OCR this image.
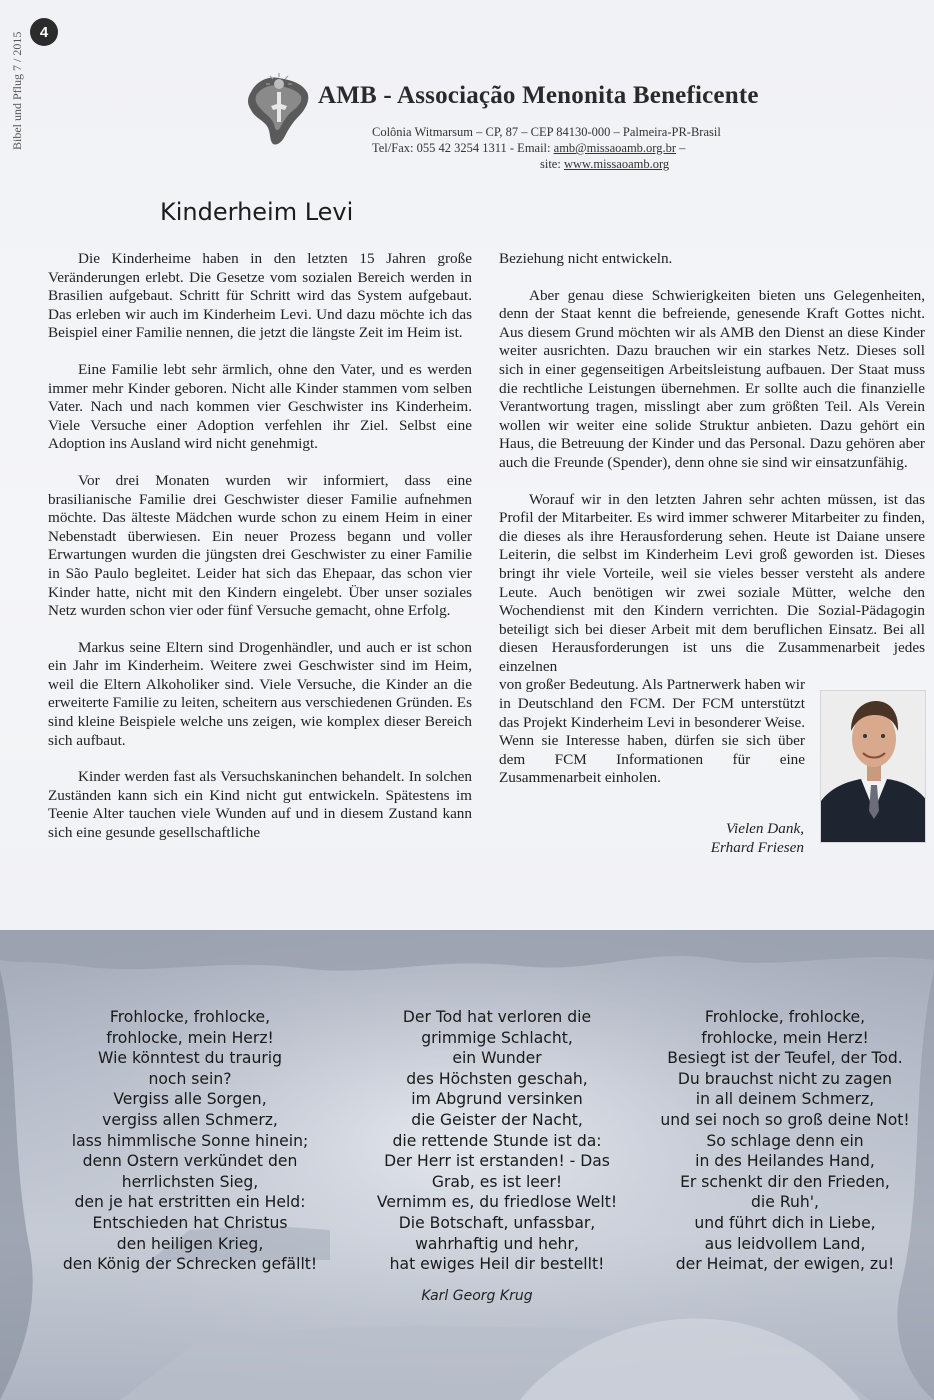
4
Bibel und Pflug 7 / 2015	AMB - Associação Menonita Beneficente
Colônia Witmarsum – CP, 87 – CEP 84130-000 – Palmeira-PR-Brasil
Tel/Fax: 055 42 3254 1311 - Email: amb@missaoamb.org.br –
site: www.missaoamb.org
Kinderheim Levi

Die Kinderheime haben in den letzten 15 Jahren große Veränderungen erlebt. Die Gesetze vom sozialen Bereich werden in Brasilien aufgebaut. Schritt für Schritt wird das System aufgebaut. Das erleben wir auch im Kinderheim Levi. Und dazu möchte ich das Beispiel einer Familie nennen, die jetzt die längste Zeit im Heim ist.

Eine Familie lebt sehr ärmlich, ohne den Vater, und es werden immer mehr Kinder geboren. Nicht alle Kinder stammen vom selben Vater. Nach und nach kommen vier Geschwister ins Kinderheim. Viele Versuche einer Adoption verfehlen ihr Ziel. Selbst eine Adoption ins Ausland wird nicht genehmigt.

Vor drei Monaten wurden wir informiert, dass eine brasilianische Familie drei Geschwister dieser Familie aufnehmen möchte. Das älteste Mädchen wurde schon zu einem Heim in einer Nebenstadt überwiesen. Ein neuer Prozess begann und voller Erwartungen wurden die jüngsten drei Geschwister zu einer Familie in São Paulo begleitet. Leider hat sich das Ehepaar, das schon vier Kinder hatte, nicht mit den Kindern eingelebt. Über unser soziales Netz wurden schon vier oder fünf Versuche gemacht, ohne Erfolg.

Markus seine Eltern sind Drogenhändler, und auch er ist schon ein Jahr im Kinderheim. Weitere zwei Geschwister sind im Heim, weil die Eltern Alkoholiker sind. Viele Versuche, die Kinder an die erweiterte Familie zu leiten, scheitern aus verschiedenen Gründen. Es sind kleine Beispiele welche uns zeigen, wie komplex dieser Bereich sich aufbaut.

Kinder werden fast als Versuchskaninchen behandelt. In solchen Zuständen kann sich ein Kind nicht gut entwickeln. Spätestens im Teenie Alter tauchen viele Wunden auf und in diesem Zustand kann sich eine gesunde gesellschaftliche

Beziehung nicht entwickeln.

Aber genau diese Schwierigkeiten bieten uns Gelegenheiten, denn der Staat kennt die befreiende, genesende Kraft Gottes nicht. Aus diesem Grund möchten wir als AMB den Dienst an diese Kinder weiter ausrichten. Dazu brauchen wir ein starkes Netz. Dieses soll sich in einer gegenseitigen Arbeitsleistung aufbauen. Der Staat muss die rechtliche Leistungen übernehmen. Er sollte auch die finanzielle Verantwortung tragen, misslingt aber zum größten Teil. Als Verein wollen wir weiter eine solide Struktur anbieten. Dazu gehört ein Haus, die Betreuung der Kinder und das Personal. Dazu gehören aber auch die Freunde (Spender), denn ohne sie sind wir einsatzunfähig.

Worauf wir in den letzten Jahren sehr achten müssen, ist das Profil der Mitarbeiter. Es wird immer schwerer Mitarbeiter zu finden, die dieses als ihre Herausforderung sehen. Heute ist Daiane unsere Leiterin, die selbst im Kinderheim Levi groß geworden ist. Dieses bringt ihr viele Vorteile, weil sie vieles besser versteht als andere Leute. Auch benötigen wir zwei soziale Mütter, welche den Wochendienst mit den Kindern verrichten. Die Sozial-Pädagogin beteiligt sich bei dieser Arbeit mit dem beruflichen Einsatz. Bei all diesen Herausforderungen ist uns die Zusammenarbeit jedes einzelnen

von großer Bedeutung. Als Partnerwerk haben wir in Deutschland den FCM. Der FCM unterstützt das Projekt Kinderheim Levi in besonderer Weise. Wenn sie Interesse haben, dürfen sie sich über dem FCM Informationen für eine Zusammenarbeit einholen.

Vielen Dank,
Erhard Friesen
Frohlocke, frohlocke,
frohlocke, mein Herz!
Wie könntest du traurig
noch sein?
Vergiss alle Sorgen,
vergiss allen Schmerz,
lass himmlische Sonne hinein;
denn Ostern verkündet den
herrlichsten Sieg,
den je hat erstritten ein Held:
Entschieden hat Christus
den heiligen Krieg,
den König der Schrecken gefällt!
Der Tod hat verloren die
grimmige Schlacht,
ein Wunder
des Höchsten geschah,
im Abgrund versinken
die Geister der Nacht,
die rettende Stunde ist da:
Der Herr ist erstanden! - Das
Grab, es ist leer!
Vernimm es, du friedlose Welt!
Die Botschaft, unfassbar,
wahrhaftig und hehr,
hat ewiges Heil dir bestellt!
Frohlocke, frohlocke,
frohlocke, mein Herz!
Besiegt ist der Teufel, der Tod.
Du brauchst nicht zu zagen
in all deinem Schmerz,
und sei noch so groß deine Not!
So schlage denn ein
in des Heilandes Hand,
Er schenkt dir den Frieden,
die Ruh',
und führt dich in Liebe,
aus leidvollem Land,
der Heimat, der ewigen, zu!
Karl Georg Krug
